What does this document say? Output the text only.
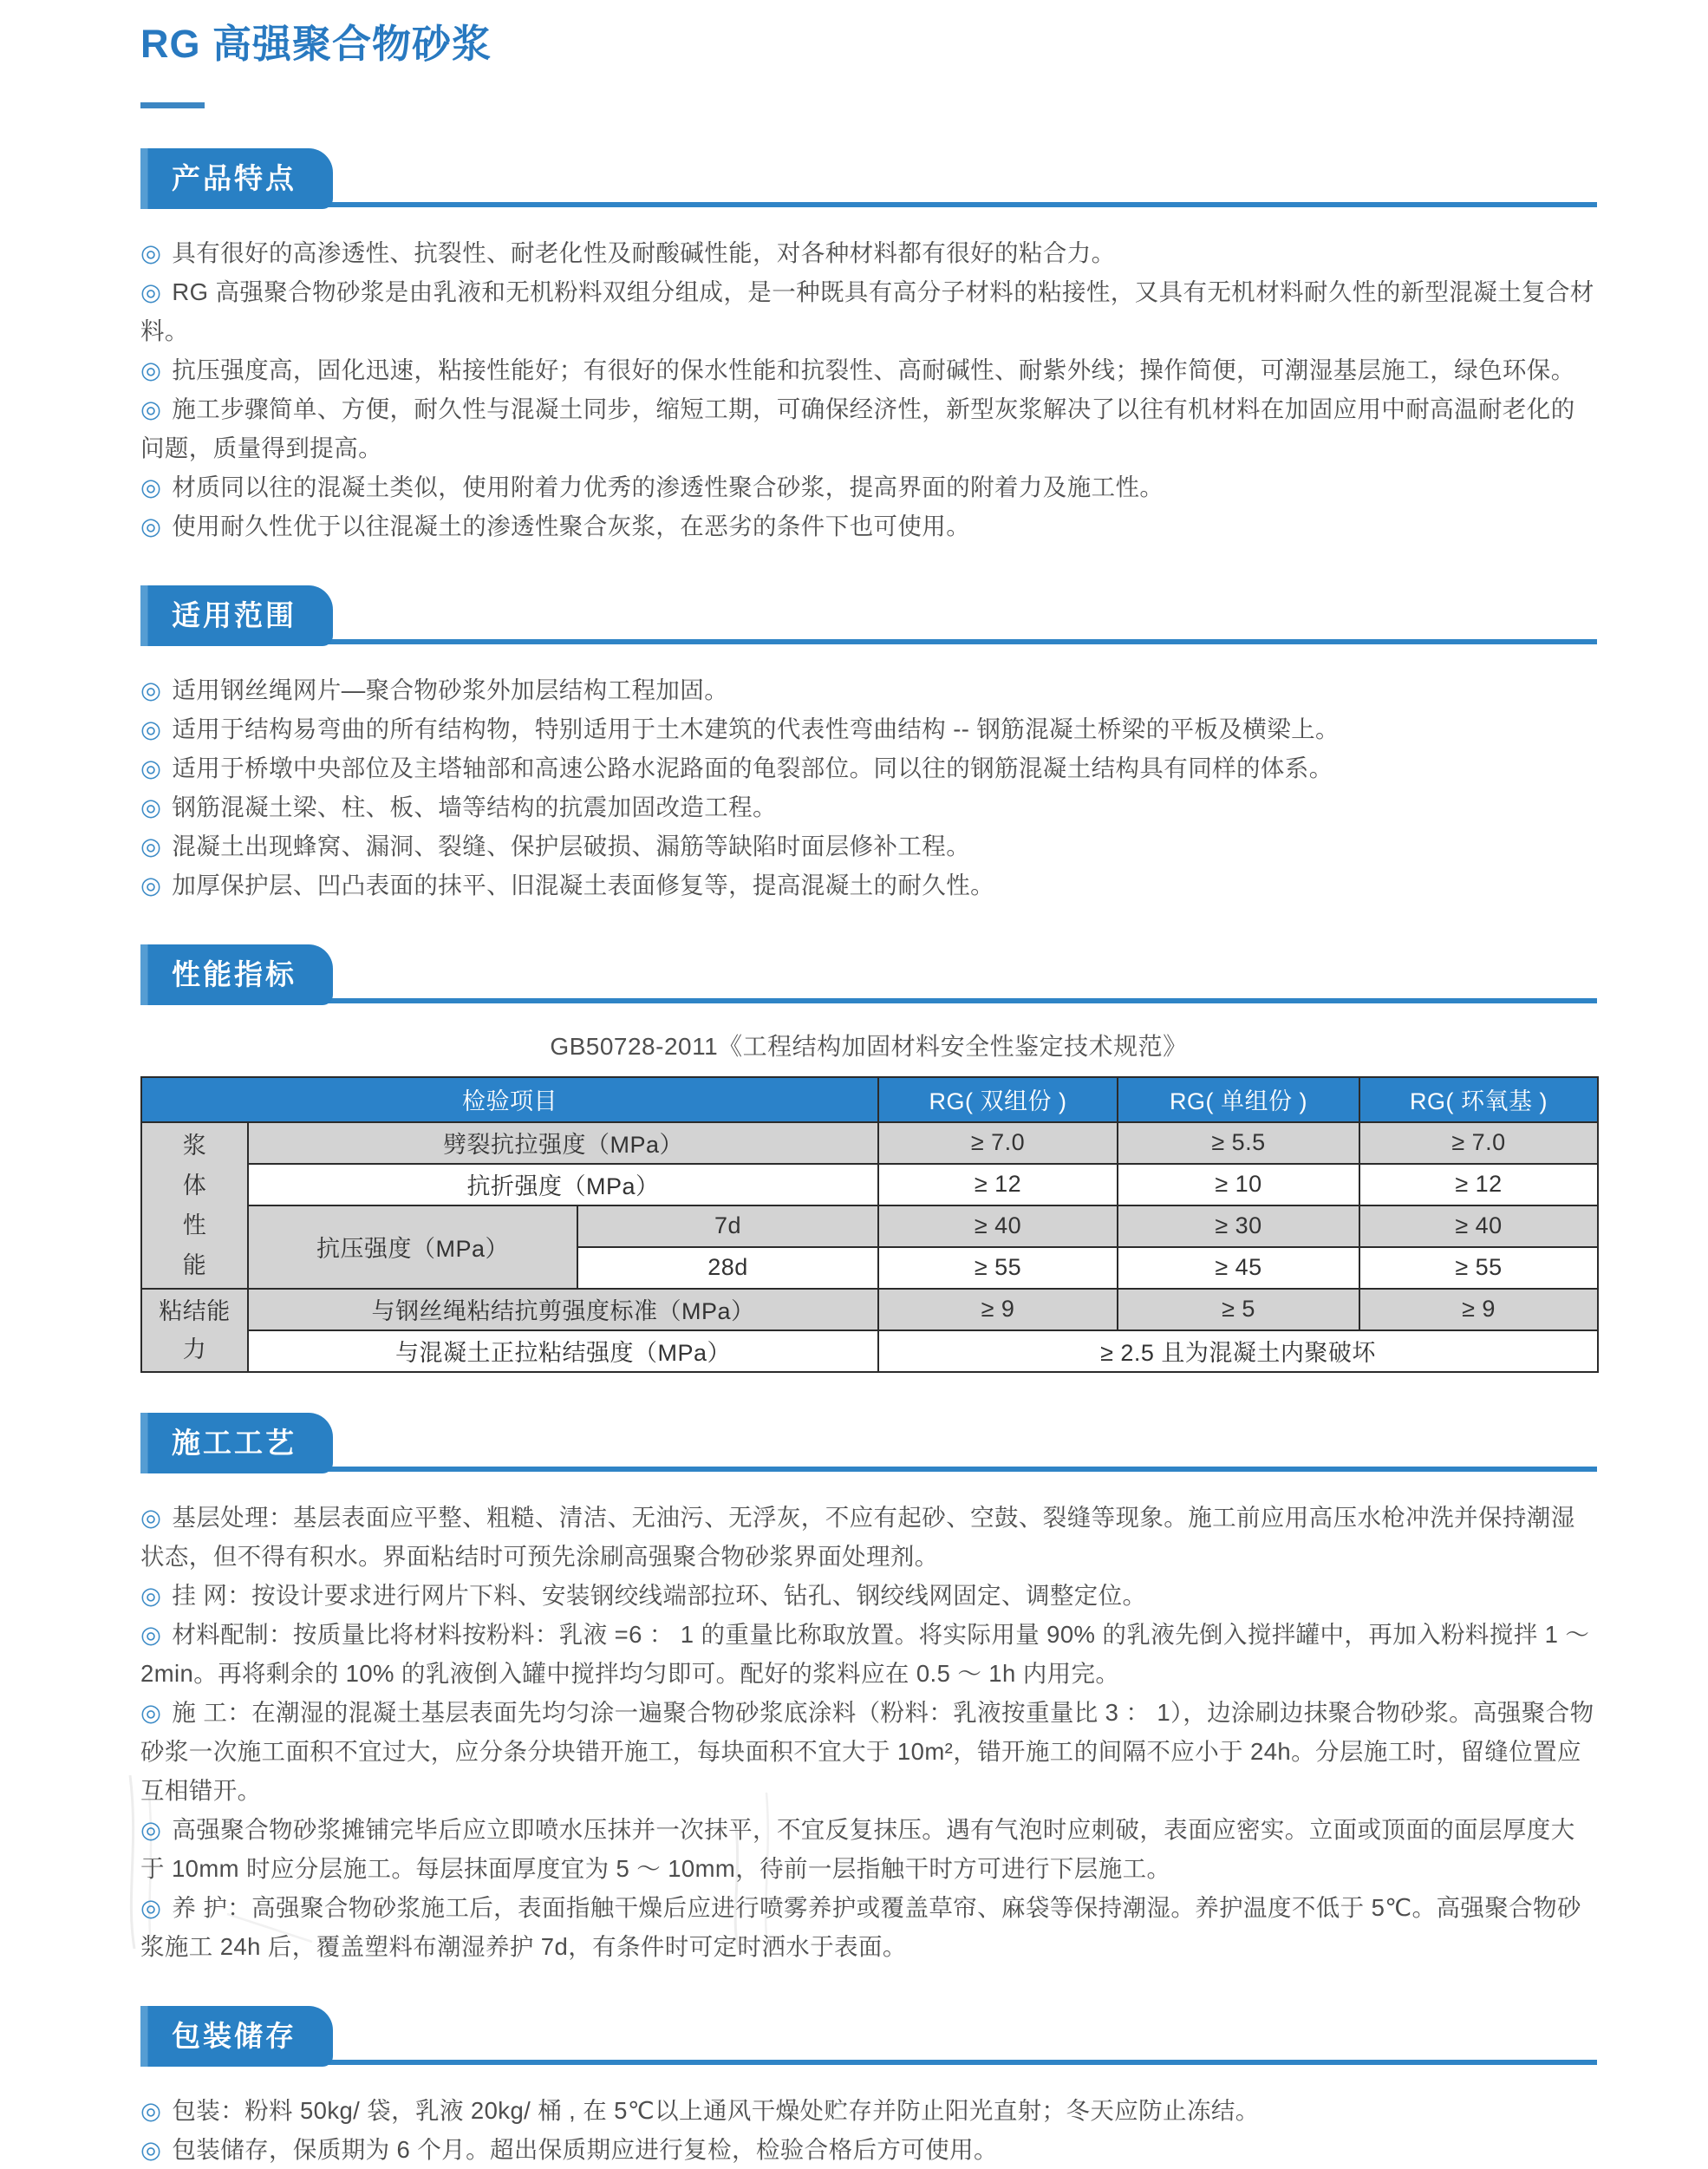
RG 高强聚合物砂浆
产品特点

◎ 具有很好的高渗透性、抗裂性、耐老化性及耐酸碱性能，对各种材料都有很好的粘合力。

◎ RG 高强聚合物砂浆是由乳液和无机粉料双组分组成，是一种既具有高分子材料的粘接性，又具有无机材料耐久性的新型混凝土复合材料。

◎ 抗压强度高，固化迅速，粘接性能好；有很好的保水性能和抗裂性、高耐碱性、耐紫外线；操作简便，可潮湿基层施工，绿色环保。

◎ 施工步骤简单、方便，耐久性与混凝土同步，缩短工期，可确保经济性，新型灰浆解决了以往有机材料在加固应用中耐高温耐老化的问题，质量得到提高。

◎ 材质同以往的混凝土类似，使用附着力优秀的渗透性聚合砂浆，提高界面的附着力及施工性。

◎ 使用耐久性优于以往混凝土的渗透性聚合灰浆，在恶劣的条件下也可使用。

适用范围

◎ 适用钢丝绳网片—聚合物砂浆外加层结构工程加固。

◎ 适用于结构易弯曲的所有结构物，特别适用于土木建筑的代表性弯曲结构 -- 钢筋混凝土桥梁的平板及横梁上。

◎ 适用于桥墩中央部位及主塔轴部和高速公路水泥路面的龟裂部位。同以往的钢筋混凝土结构具有同样的体系。

◎ 钢筋混凝土梁、柱、板、墙等结构的抗震加固改造工程。◎ 混凝土出现蜂窝、漏洞、裂缝、保护层破损、漏筋等缺陷时面层修补工程。

◎ 加厚保护层、凹凸表面的抹平、旧混凝土表面修复等，提高混凝土的耐久性。

性能指标
GB50728-2011《工程结构加固材料安全性鉴定技术规范》
检验项目			RG( 双组份 )	RG( 单组份 )	RG( 环氧基 )
浆体性能	劈裂抗拉强度（MPa）		≥ 7.0	≥ 5.5	≥ 7.0
	抗折强度（MPa）		≥ 12	≥ 10	≥ 12
	抗压强度（MPa）	7d	≥ 40	≥ 30	≥ 40
		28d	≥ 55	≥ 45	≥ 55
粘结能力	与钢丝绳粘结抗剪强度标准（MPa）		≥ 9	≥ 5	≥ 9
	与混凝土正拉粘结强度（MPa）		≥ 2.5 且为混凝土内聚破坏		
施工工艺

◎ 基层处理：基层表面应平整、粗糙、清洁、无油污、无浮灰，不应有起砂、空鼓、裂缝等现象。施工前应用高压水枪冲洗并保持潮湿状态，但不得有积水。界面粘结时可预先涂刷高强聚合物砂浆界面处理剂。

◎ 挂 网：按设计要求进行网片下料、安装钢绞线端部拉环、钻孔、钢绞线网固定、调整定位。

◎ 材料配制：按质量比将材料按粉料：乳液 =6 ： 1 的重量比称取放置。将实际用量 90% 的乳液先倒入搅拌罐中，再加入粉料搅拌 1 ～ 2min。再将剩余的 10% 的乳液倒入罐中搅拌均匀即可。配好的浆料应在 0.5 ～ 1h 内用完。

◎ 施 工：在潮湿的混凝土基层表面先均匀涂一遍聚合物砂浆底涂料（粉料：乳液按重量比 3 ： 1），边涂刷边抹聚合物砂浆。高强聚合物砂浆一次施工面积不宜过大，应分条分块错开施工，每块面积不宜大于 10m²，错开施工的间隔不应小于 24h。分层施工时，留缝位置应互相错开。

◎ 高强聚合物砂浆摊铺完毕后应立即喷水压抹并一次抹平，不宜反复抹压。遇有气泡时应刺破，表面应密实。立面或顶面的面层厚度大于 10mm 时应分层施工。每层抹面厚度宜为 5 ～ 10mm，待前一层指触干时方可进行下层施工。

◎ 养 护：高强聚合物砂浆施工后，表面指触干燥后应进行喷雾养护或覆盖草帘、麻袋等保持潮湿。养护温度不低于 5℃。高强聚合物砂浆施工 24h 后，覆盖塑料布潮湿养护 7d，有条件时可定时洒水于表面。

包装储存

◎ 包装：粉料 50kg/ 袋，乳液 20kg/ 桶 , 在 5℃以上通风干燥处贮存并防止阳光直射；冬天应防止冻结。

◎ 包装储存，保质期为 6 个月。超出保质期应进行复检，检验合格后方可使用。
